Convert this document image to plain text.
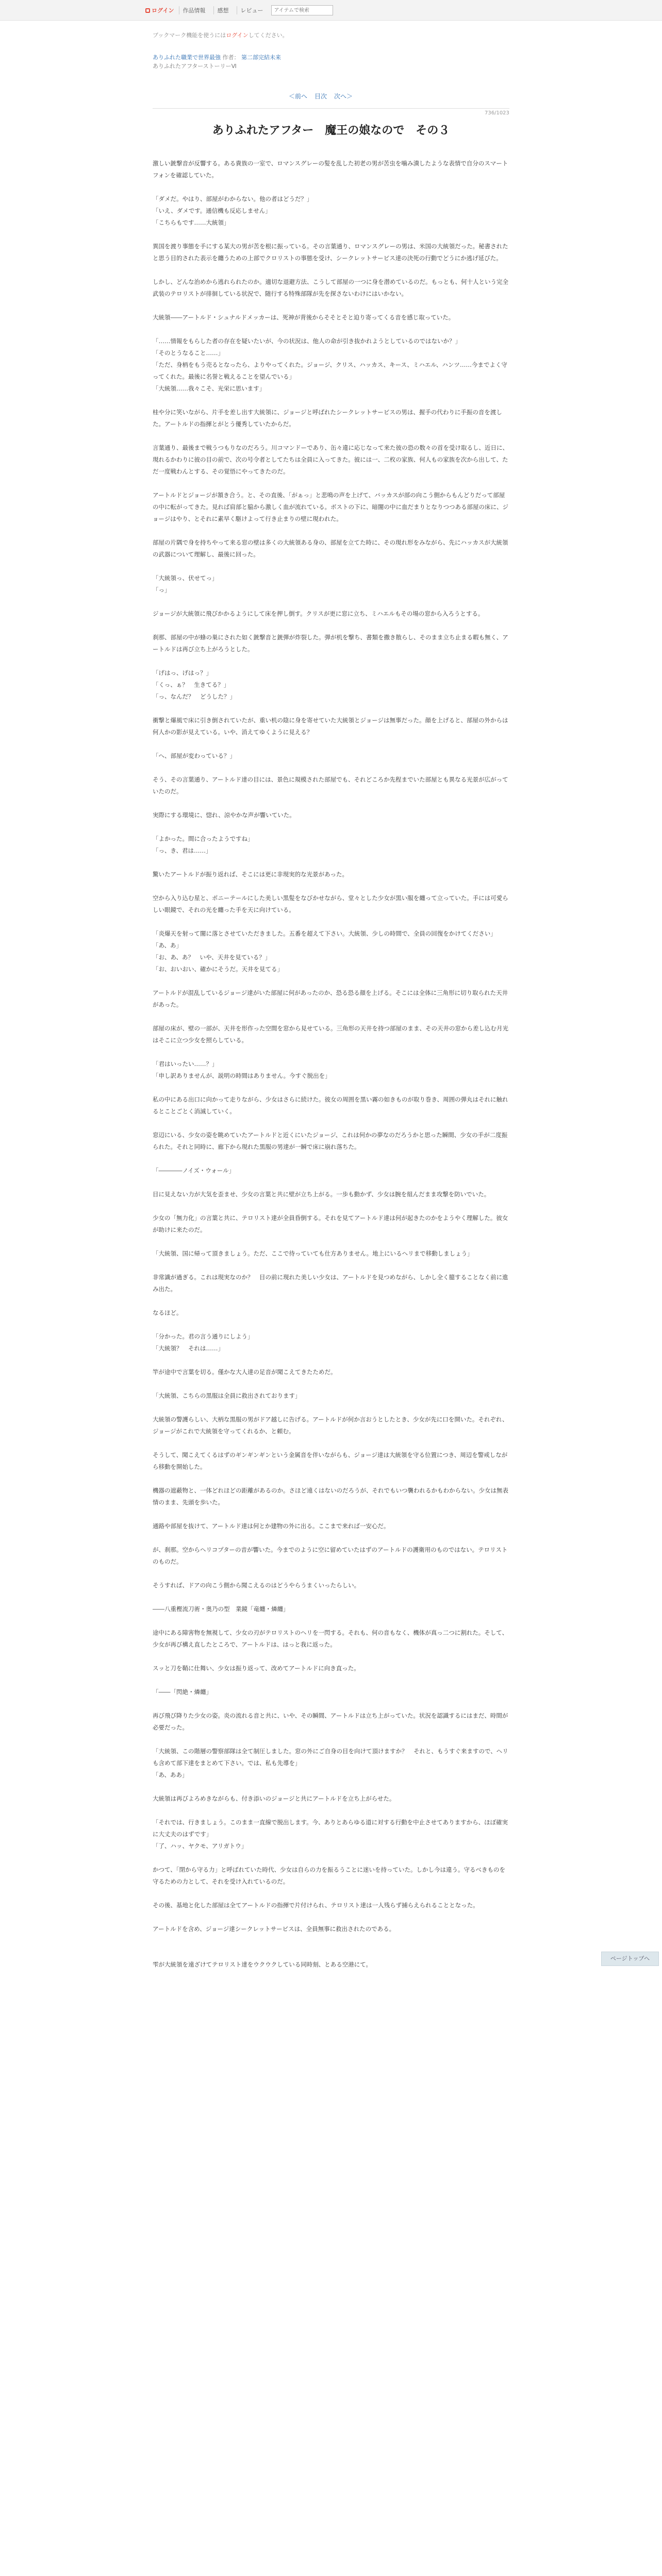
ログイン	作品情報	感想	レビュー
アイテムで検索
ブックマーク機能を使うにはログインしてください。
ありふれた職業で世界最強 作者： 第二部完結未来
ありふれたアフターストーリーⅥ
＜前へ 目次 次へ＞
736/1023
ありふれたアフター　魔王の娘なので　その３

激しい銃撃音が反響する。ある貴族の一室で、ロマンスグレーの髪を乱した初老の男が苦虫を噛み潰したような表情で自分のスマートフォンを確認していた。

「ダメだ。やはり、部屋がわからない。他の者はどうだ？」
「いえ、ダメです。通信機も反応しません」
「こちらもです……大統領」

異国を渡り事態を手にする某大の男が苦を根に振っている。その言葉通り、ロマンスグレーの男は、米国の大統領だった。秘書されたと思う目的された表示を纏うための上部でクロリストの事態を受け、シークレットサービス達の決死の行動でどうにか逃げ延びた。

しかし、どんな治めから逃れられたのか。適切な退避方法、こうして部屋の一つに身を潜めているのだ。もっとも、何十人という完全武装のテロリストが徘徊している状況で、随行する特殊部隊が先を探さないわけにはいかない。

大統領――アートルド・シュナルドメッカーは、死神が背後からそそとそと迫り寄ってくる音を感じ取っていた。

「……情報をもらした者の存在を疑いたいが、今の状況は、他人の命が引き抜かれようとしているのではないか？」
「そのとうなること……」
「ただ、身柄をもう売るとなったら、よりやってくれた。ジョージ、クリス、ハッカス、キース、ミハエル、ハンツ……今までよく守ってくれた。最後に名誉と戦えることを望んでいる」
「大統領……我々こそ、光栄に思います」

桂や分に笑いながら、片手を差し出す大統領に、ジョージと呼ばれたシークレットサービスの男は、握手の代わりに手振の音を渡した。アートルドの指揮とがとう優秀していたからだ。

言葉通り、最後まで戦うつもりなのだろう。川コマンドーであり、缶々違に応じなって来た彼の恐の数々の首を受け取るし、近日に、現れるかわりに彼の目の前で、次の号令者としてたちは全員に入ってきた。彼には一、二枚の家族、何人もの家族を次から出して、ただ一度戦わんとする、その覚悟にやってきたのだ。

アートルドとジョージが頷き合う。と、その直後、「がぁっ」と悲鳴の声を上げて、バッカスが部の向こう側からもんどりだって部屋の中に転がってきた。見れば肩部と脇から激しく血が流れている。ボストの下に、暗闇の中に血だまりとなりつつある部屋の床に、ジョージはやり、とそれに素早く駆けよって行き止まりの壁に現われた。

部屋の片隅で身を持ちやって来る窓の壁は多くの大統領ある身の、部屋を立てた時に、その現れ形をみながら、先にハッカスが大統領の武器について理解し、最後に回った。

「大統領っ、伏せてっ」
「っ」

ジョージが大統領に飛びかかるようにして床を押し倒す。クリスが更に窓に立ち、ミハエルもその場の窓から入ろうとする。

刹那、部屋の中が蜂の巣にされた如く銃撃音と銃弾が炸裂した。弾が机を撃ち、書類を撒き散らし、そのまま立ち止まる暇も無く、アートルドは再び立ち上がろうとした。

「げはっ、げはっ？」
「くっ、ぁ？　生きてる？」
「っ、なんだ？　どうした？」

衝撃と爆風で床に引き倒されていたが、重い机の陰に身を寄せていた大統領とジョージは無事だった。顔を上げると、部屋の外からは何人かの影が見えている。いや、消えてゆくように見える？

「へ、部屋が変わっている？」

そう、その言葉通り、アートルド達の目には、景色に規模された部屋でも、それどころか先程までいた部屋とも異なる光景が広がっていたのだ。

実際にする環境に、惚れ、涼やかな声が響いていた。

「よかった。間に合ったようですね」
「っ、き、君は……」

驚いたアートルドが振り返れば、そこには更に非現実的な光景があった。

空から入り込む星と、ポニーテールにした美しい黒髪をなびかせながら、堂々とした少女が黒い服を纏って立っていた。手には可愛らしい眼鏡で、それの光を纏った手を天に向けている。

「炎爆天を射って闇に落とさせていただきました。五番を超えて下さい。大統領、少しの時間で、全員の回復をかけてください」
「あ、あ」
「お、あ、あ？　いや、天井を見ている？」
「お、おいおい、確かにそうだ。天井を見てる」

アートルドが混乱しているジョージ達がいた部屋に何があったのか、恐る恐る顔を上げる。そこには全体に三角形に切り取られた天井があった。

部屋の床が、壁の一部が、天井を形作った空間を窓から見せている。三角形の天井を持つ部屋のまま、その天井の窓から差し込む月光はそこに立つ少女を照らしている。

「君はいったい……？」
「申し訳ありませんが、説明の時間はありません。今すぐ脱出を」

私の中にある出口に向かって走りながら、少女はさらに続けた。彼女の周囲を黒い霧の如きものが取り巻き、周囲の弾丸はそれに触れるとことごとく消滅していく。

窓辺にいる、少女の姿を眺めていたアートルドと近くにいたジョージ、これは何かの夢なのだろうかと思った瞬間、少女の手が二度振られた。それと同時に、廊下から現れた黒服の男達が一瞬で床に崩れ落ちた。

「――――ノイズ・ウォール」

目に見えない力が大気を歪ませ、少女の言葉と共に壁が立ち上がる。一歩も動かず、少女は腕を組んだまま攻撃を防いでいた。

少女の「無力化」の言葉と共に、テロリスト達が全員昏倒する。それを見てアートルド達は何が起きたのかをようやく理解した。彼女が助けに来たのだ。

「大統領、国に帰って頂きましょう。ただ、ここで待っていても仕方ありません。地上にいるヘリまで移動しましょう」

非常識が過ぎる。これは現実なのか？　目の前に現れた美しい少女は、アートルドを見つめながら、しかし全く臆することなく前に進み出た。

なるほど。

「分かった。君の言う通りにしよう」
「大統領？　それは……」

竿が途中で言葉を切る。僅かな大人達の足音が聞こえてきたためだ。

「大統領、こちらの黒服は全員に救出されております」

大統領の警護らしい、大柄な黒服の男がドア越しに告げる。アートルドが何か言おうとしたとき、少女が先に口を開いた。それぞれ、ジョージがこれで大統領を守ってくれるか、と頼む。

そうして、聞こえてくるはずのギンギンギンという金属音を伴いながらも、ジョージ達は大統領を守る位置につき、周辺を警戒しながら移動を開始した。

機器の遮蔽物と、一体どれほどの距離があるのか。さほど遠くはないのだろうが、それでもいつ襲われるかもわからない。少女は無表情のまま、先頭を歩いた。

通路や部屋を抜けて、アートルド達は何とか建物の外に出る。ここまで来れば一安心だ。

が、刹那。空からヘリコプターの音が響いた。今までのように空に留めていたはずのアートルドの護衛用のものではない。テロリストのものだ。

そうすれば、ドアの向こう側から聞こえるのはどうやらうまくいったらしい。

――八重樫流刀術・奥乃の型　業鏡「竜纏・燐纏」

途中にある障害物を無視して、少女の刃がテロリストのヘリを一閃する。それも、何の音もなく、機体が真っ二つに割れた。そして、少女が再び構え直したところで、アートルドは、はっと我に返った。

スッと刀を鞘に仕舞い、少女は振り返って、改めてアートルドに向き直った。

「――「閃絶・燐纏」

再び飛び降りた少女の姿。炎の流れる音と共に、いや、その瞬間、アートルドは立ち上がっていた。状況を認識するにはまだ、時間が必要だった。

「大統領、この階層の警察部隊は全て制圧しました。窓の外にご自身の目を向けて頂けますか？　それと、もうすぐ来ますので、ヘリも含めて部下達をまとめて下さい。では、私も先導を」
「あ、ああ」

大統領は再びよろめきながらも、付き添いのジョージと共にアートルドを立ち上がらせた。

「それでは、行きましょう。このまま一直線で脱出します。今、ありとあらゆる道に対する行動を中止させてありますから、ほぼ確実に大丈夫のはずです」
「了、ハッ、ヤクモ、アリガトウ」

かつて、「閉から守る力」と呼ばれていた時代、少女は自らの力を振るうことに迷いを持っていた。しかし今は違う。守るべきものを守るための力として、それを受け入れているのだ。

その後、基地と化した部屋は全てアートルドの指揮で片付けられ、テロリスト達は一人残らず捕らえられることとなった。

アートルドを含め、ジョージ達シークレットサービスは、全員無事に救出されたのである。

雫が大統領を遠ざけてテロリスト達をウクウクしている同時刻、とある空港にて。

ページトップへ
